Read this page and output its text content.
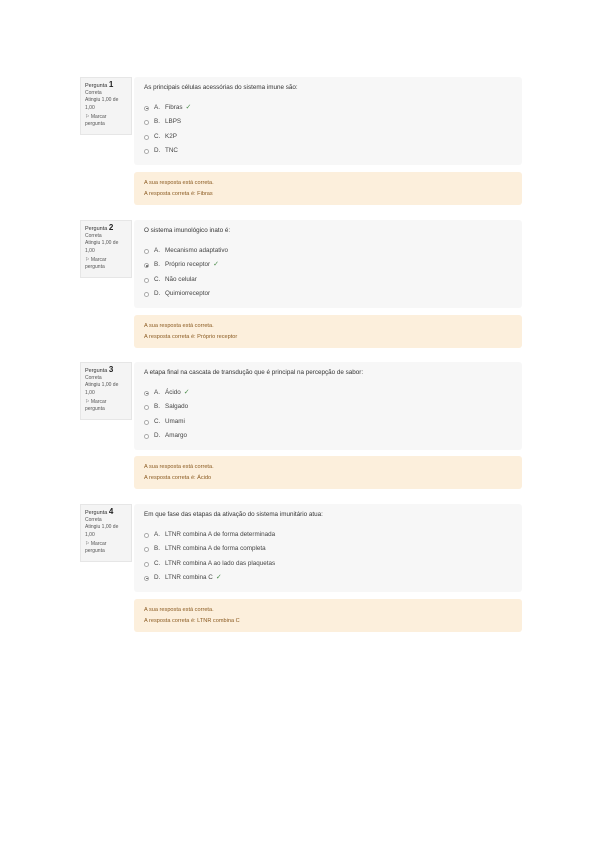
Pergunta 1
Correta
Atingiu 1,00 de 1,00
⚐ Marcar pergunta

As principais células acessórias do sistema imune são:

A. Fibras ✓
B. LBPS
C. K2P
D. TNC
A sua resposta está correta.
A resposta correta é: Fibras
Pergunta 2
Correta
Atingiu 1,00 de 1,00
⚐ Marcar pergunta

O sistema imunológico inato é:

A. Mecanismo adaptativo
B. Próprio receptor ✓
C. Não celular
D. Quimiorreceptor
A sua resposta está correta.
A resposta correta é: Próprio receptor
Pergunta 3
Correta
Atingiu 1,00 de 1,00
⚐ Marcar pergunta

A etapa final na cascata de transdução que é principal na percepção de sabor:

A. Ácido ✓
B. Salgado
C. Umami
D. Amargo
A sua resposta está correta.
A resposta correta é: Ácido
Pergunta 4
Correta
Atingiu 1,00 de 1,00
⚐ Marcar pergunta

Em que fase das etapas da ativação do sistema imunitário atua:

A. LTNR combina A de forma determinada
B. LTNR combina A de forma completa
C. LTNR combina A ao lado das plaquetas
D. LTNR combina C ✓
A sua resposta está correta.
A resposta correta é: LTNR combina C
